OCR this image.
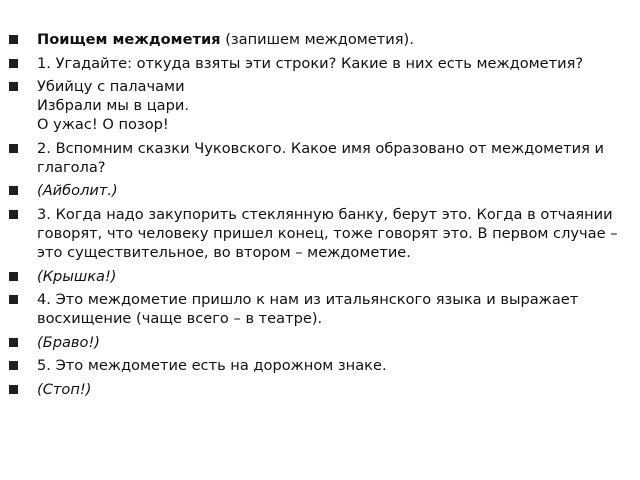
Поищем междометия (запишем междометия).
1. Угадайте: откуда взяты эти строки? Какие в них есть междометия?
Убийцу с палачами
Избрали мы в цари.
О ужас! О позор!
2. Вспомним сказки Чуковского. Какое имя образовано от междометия и глагола?
(Айболит.)
3. Когда надо закупорить стеклянную банку, берут это. Когда в отчаянии говорят, что человеку пришел конец, тоже говорят это. В первом случае – это существительное, во втором – междометие.
(Крышка!)
4. Это междометие пришло к нам из итальянского языка и выражает восхищение (чаще всего – в театре).
(Браво!)
5. Это междометие есть на дорожном знаке.
(Стоп!)
